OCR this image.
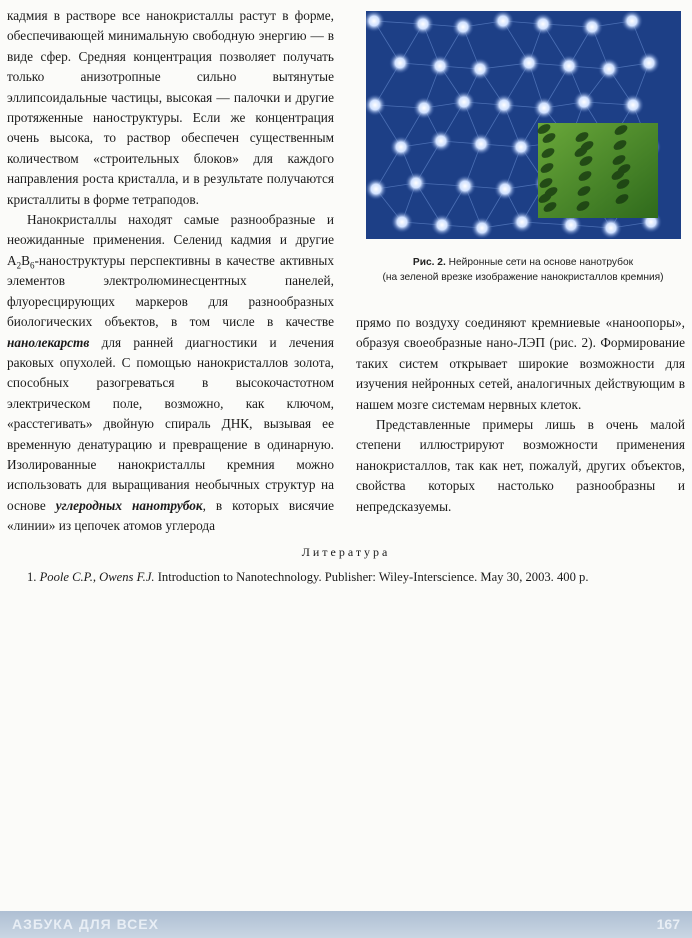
кадмия в растворе все нанокристаллы растут в форме, обеспечивающей минимальную свободную энергию — в виде сфер. Средняя концентрация позволяет получать только анизотропные сильно вытянутые эллипсоидальные частицы, высокая — палочки и другие протяженные наноструктуры. Если же концентрация очень высока, то раствор обеспечен существенным количеством «строительных блоков» для каждого направления роста кристалла, и в результате получаются кристаллиты в форме тетраподов.

Нанокристаллы находят самые разнообразные и неожиданные применения. Селенид кадмия и другие $A_2B_6$-наноструктуры перспективны в качестве активных элементов электролюминесцентных панелей, флуоресцирующих маркеров для разнообразных биологических объектов, в том числе в качестве нанолекарств для ранней диагностики и лечения раковых опухолей. С помощью нанокристаллов золота, способных разогреваться в высокочастотном электрическом поле, возможно, как ключом, «расстегивать» двойную спираль ДНК, вызывая ее временную денатурацию и превращение в одинарную. Изолированные нанокристаллы кремния можно использовать для выращивания необычных структур на основе углеродных нанотрубок, в которых висячие «линии» из цепочек атомов углерода

Рис. 2. Нейронные сети на основе нанотрубок
(на зеленой врезке изображение нанокристаллов кремния)

прямо по воздуху соединяют кремниевые «наноопоры», образуя своеобразные нано-ЛЭП (рис. 2). Формирование таких систем открывает широкие возможности для изучения нейронных сетей, аналогичных действующим в нашем мозге системам нервных клеток.

Представленные примеры лишь в очень малой степени иллюстрируют возможности применения нанокристаллов, так как нет, пожалуй, других объектов, свойства которых настолько разнообразны и непредсказуемы.

Литература
1. Poole C.P., Owens F.J. Introduction to Nanotechnology. Publisher: Wiley-Interscience. May 30, 2003. 400 p.
АЗБУКА ДЛЯ ВСЕХ	167
